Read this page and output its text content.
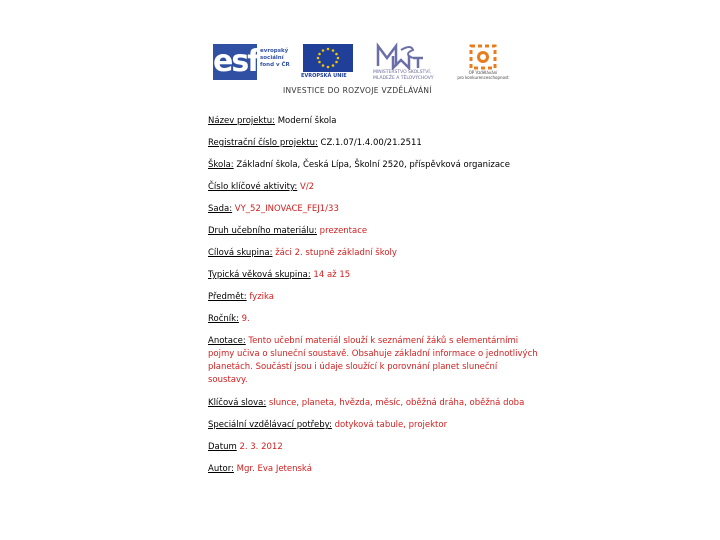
esf evropský
sociální
fond v ČR
EVROPSKÁ UNIE
MINISTERSTVO ŠKOLSTVÍ,
MLÁDEŽE A TĚLOVÝCHOVY
OP Vzdělávání
pro konkurenceschopnost
INVESTICE DO ROZVOJE VZDĚLÁVÁNÍ

Název projektu: Moderní škola

Registrační číslo projektu: CZ.1.07/1.4.00/21.2511

Škola: Základní škola, Česká Lípa, Školní 2520, příspěvková organizace

Číslo klíčové aktivity: V/2

Sada: VY_52_INOVACE_FEJ1/33

Druh učebního materiálu: prezentace

Cílová skupina: žáci 2. stupně základní školy

Typická věková skupina: 14 až 15

Předmět: fyzika

Ročník: 9.

Anotace: Tento učební materiál slouží k seznámení žáků s elementárními pojmy učiva o sluneční soustavě. Obsahuje základní informace o jednotlivých planetách. Součástí jsou i údaje sloužící k porovnání planet sluneční soustavy.

Klíčová slova: slunce, planeta, hvězda, měsíc, oběžná dráha, oběžná doba

Speciální vzdělávací potřeby: dotyková tabule, projektor

Datum 2. 3. 2012

Autor: Mgr. Eva Jetenská
